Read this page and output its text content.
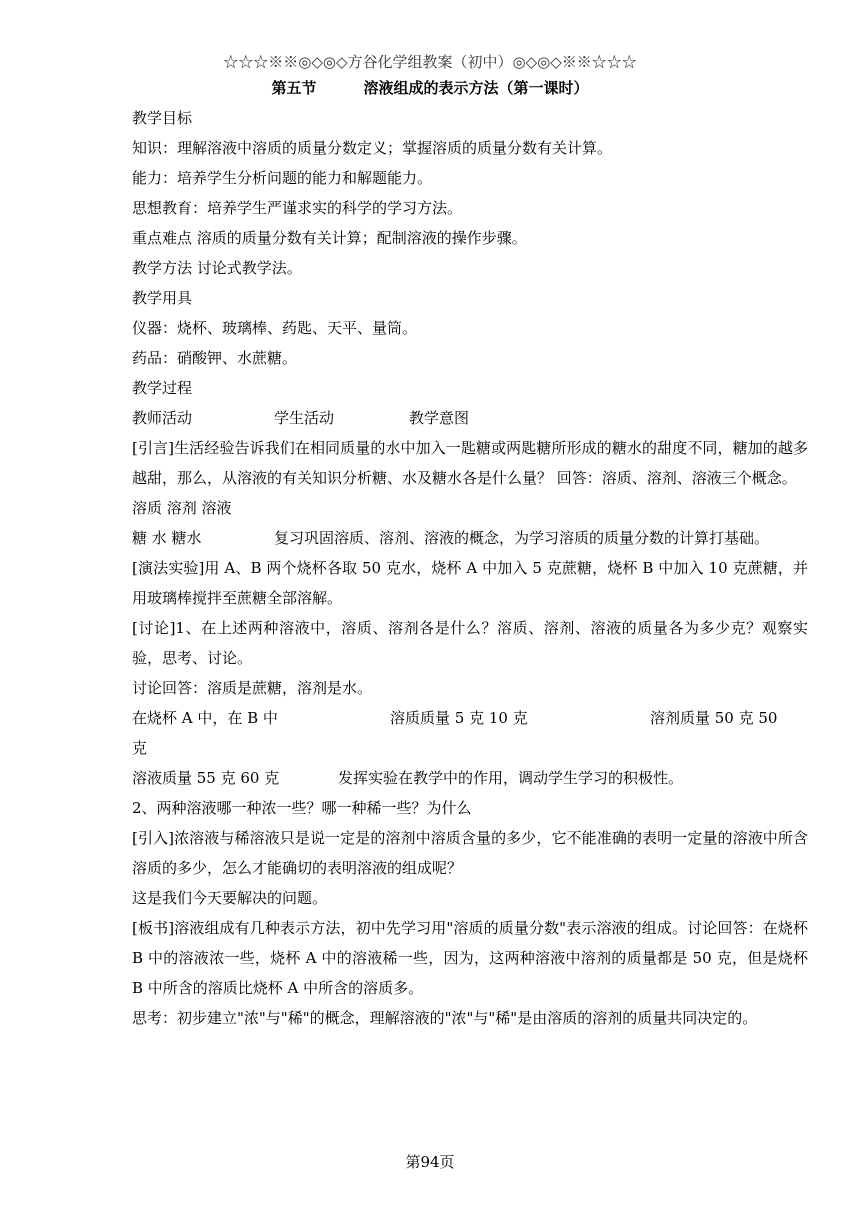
☆☆☆※※◎◇◎◇方谷化学组教案（初中）◎◇◎◇※※☆☆☆
第五节         溶液组成的表示方法（第一课时）

教学目标

知识：理解溶液中溶质的质量分数定义；掌握溶质的质量分数有关计算。

能力：培养学生分析问题的能力和解题能力。

思想教育：培养学生严谨求实的科学的学习方法。

重点难点 溶质的质量分数有关计算；配制溶液的操作步骤。

教学方法 讨论式教学法。

教学用具

仪器：烧杯、玻璃棒、药匙、天平、量筒。

药品：硝酸钾、水蔗糖。

教学过程

教师活动	学生活动	教学意图

[引言]生活经验告诉我们在相同质量的水中加入一匙糖或两匙糖所形成的糖水的甜度不同，糖加的越多越甜，那么，从溶液的有关知识分析糖、水及糖水各是什么量？ 回答：溶质、溶剂、溶液三个概念。

溶质 溶剂 溶液

糖 水 糖水	复习巩固溶质、溶剂、溶液的概念，为学习溶质的质量分数的计算打基础。

[演法实验]用 A、B 两个烧杯各取 50 克水，烧杯 A 中加入 5 克蔗糖，烧杯 B 中加入 10 克蔗糖，并用玻璃棒搅拌至蔗糖全部溶解。

[讨论]1、在上述两种溶液中，溶质、溶剂各是什么？溶质、溶剂、溶液的质量各为多少克？观察实验，思考、讨论。

讨论回答：溶质是蔗糖，溶剂是水。

在烧杯 A 中，在 B 中	溶质质量 5 克 10 克	溶剂质量 50 克 50

克

溶液质量 55 克 60 克	发挥实验在教学中的作用，调动学生学习的积极性。

2、两种溶液哪一种浓一些？哪一种稀一些？为什么

[引入]浓溶液与稀溶液只是说一定是的溶剂中溶质含量的多少，它不能准确的表明一定量的溶液中所含溶质的多少，怎么才能确切的表明溶液的组成呢？

这是我们今天要解决的问题。

[板书]溶液组成有几种表示方法，初中先学习用"溶质的质量分数"表示溶液的组成。讨论回答：在烧杯 B 中的溶液浓一些，烧杯 A 中的溶液稀一些，因为，这两种溶液中溶剂的质量都是 50 克，但是烧杯 B 中所含的溶质比烧杯 A 中所含的溶质多。

思考：初步建立"浓"与"稀"的概念，理解溶液的"浓"与"稀"是由溶质的溶剂的质量共同决定的。

第94页
